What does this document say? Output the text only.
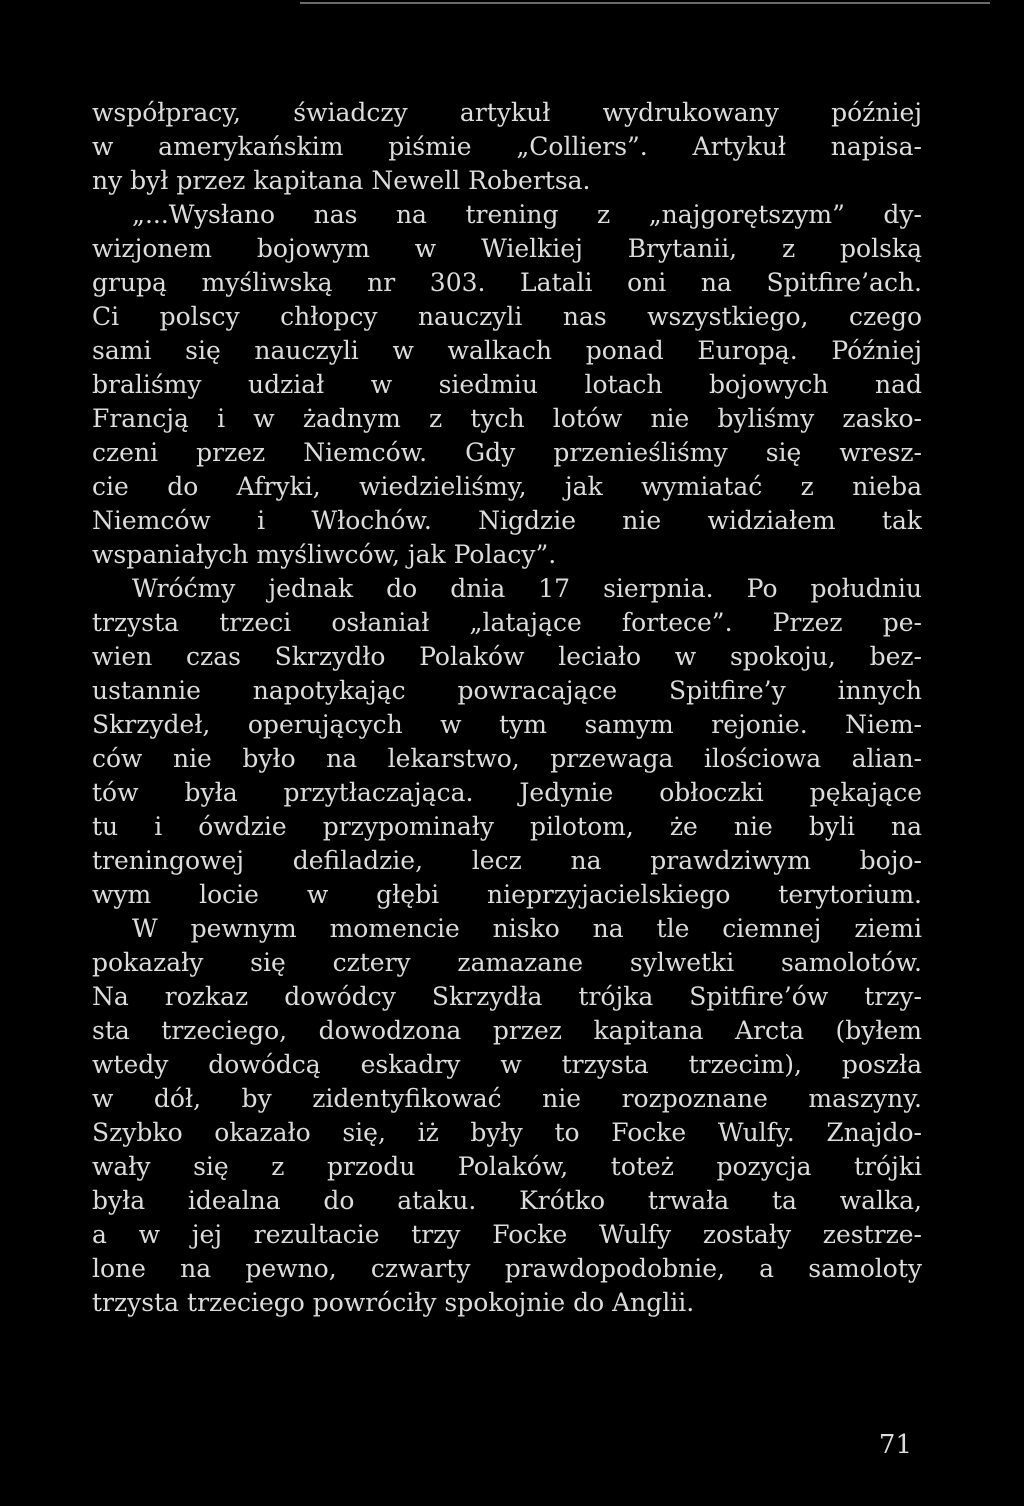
współpracy, świadczy artykuł wydrukowany później
w amerykańskim piśmie „Colliers”. Artykuł napisa-
ny był przez kapitana Newell Robertsa.
„...Wysłano nas na trening z „najgorętszym” dy-
wizjonem bojowym w Wielkiej Brytanii, z polską
grupą myśliwską nr 303. Latali oni na Spitfire’ach.
Ci polscy chłopcy nauczyli nas wszystkiego, czego
sami się nauczyli w walkach ponad Europą. Później
braliśmy udział w siedmiu lotach bojowych nad
Francją i w żadnym z tych lotów nie byliśmy zasko-
czeni przez Niemców. Gdy przenieśliśmy się wresz-
cie do Afryki, wiedzieliśmy, jak wymiatać z nieba
Niemców i Włochów. Nigdzie nie widziałem tak
wspaniałych myśliwców, jak Polacy”.
Wróćmy jednak do dnia 17 sierpnia. Po południu
trzysta trzeci osłaniał „latające fortece”. Przez pe-
wien czas Skrzydło Polaków leciało w spokoju, bez-
ustannie napotykając powracające Spitfire’y innych
Skrzydeł, operujących w tym samym rejonie. Niem-
ców nie było na lekarstwo, przewaga ilościowa alian-
tów była przytłaczająca. Jedynie obłoczki pękające
tu i ówdzie przypominały pilotom, że nie byli na
treningowej defiladzie, lecz na prawdziwym bojo-
wym locie w głębi nieprzyjacielskiego terytorium.
W pewnym momencie nisko na tle ciemnej ziemi
pokazały się cztery zamazane sylwetki samolotów.
Na rozkaz dowódcy Skrzydła trójka Spitfire’ów trzy-
sta trzeciego, dowodzona przez kapitana Arcta (byłem
wtedy dowódcą eskadry w trzysta trzecim), poszła
w dół, by zidentyfikować nie rozpoznane maszyny.
Szybko okazało się, iż były to Focke Wulfy. Znajdo-
wały się z przodu Polaków, toteż pozycja trójki
była idealna do ataku. Krótko trwała ta walka,
a w jej rezultacie trzy Focke Wulfy zostały zestrze-
lone na pewno, czwarty prawdopodobnie, a samoloty
trzysta trzeciego powróciły spokojnie do Anglii.
71
